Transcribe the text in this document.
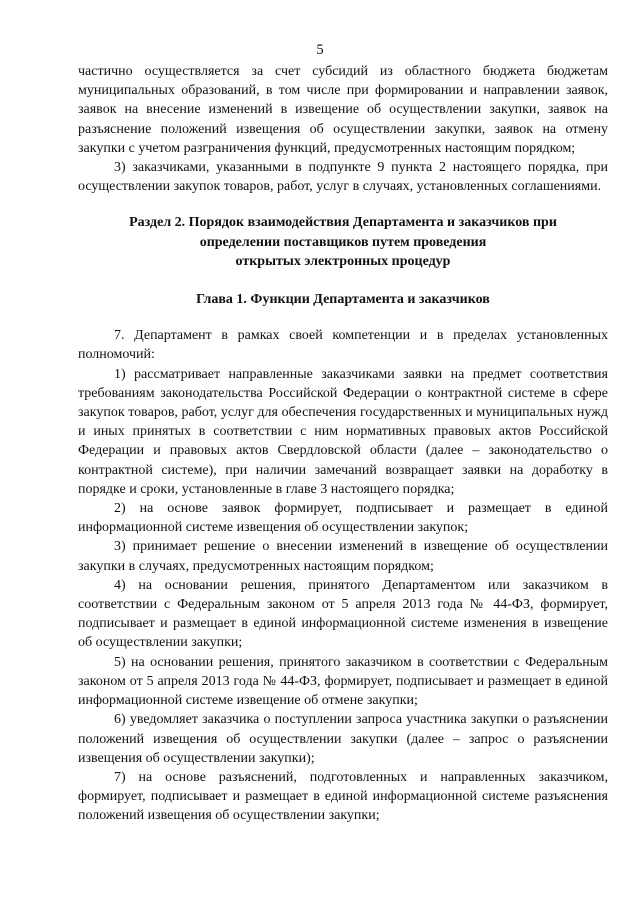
5

частично осуществляется за счет субсидий из областного бюджета бюджетам муниципальных образований, в том числе при формировании и направлении заявок, заявок на внесение изменений в извещение об осуществлении закупки, заявок на разъяснение положений извещения об осуществлении закупки, заявок на отмену закупки с учетом разграничения функций, предусмотренных настоящим порядком;

3) заказчиками, указанными в подпункте 9 пункта 2 настоящего порядка, при осуществлении закупок товаров, работ, услуг в случаях, установленных соглашениями.

Раздел 2. Порядок взаимодействия Департамента и заказчиков при
определении поставщиков путем проведения
открытых электронных процедур
Глава 1. Функции Департамента и заказчиков

7. Департамент в рамках своей компетенции и в пределах установленных полномочий:

1) рассматривает направленные заказчиками заявки на предмет соответствия требованиям законодательства Российской Федерации о контрактной системе в сфере закупок товаров, работ, услуг для обеспечения государственных и муниципальных нужд и иных принятых в соответствии с ним нормативных правовых актов Российской Федерации и правовых актов Свердловской области (далее – законодательство о контрактной системе), при наличии замечаний возвращает заявки на доработку в порядке и сроки, установленные в главе 3 настоящего порядка;

2) на основе заявок формирует, подписывает и размещает в единой информационной системе извещения об осуществлении закупок;

3) принимает решение о внесении изменений в извещение об осуществлении закупки в случаях, предусмотренных настоящим порядком;

4) на основании решения, принятого Департаментом или заказчиком в соответствии с Федеральным законом от 5 апреля 2013 года № 44-ФЗ, формирует, подписывает и размещает в единой информационной системе изменения в извещение об осуществлении закупки;

5) на основании решения, принятого заказчиком в соответствии с Федеральным законом от 5 апреля 2013 года № 44-ФЗ, формирует, подписывает и размещает в единой информационной системе извещение об отмене закупки;

6) уведомляет заказчика о поступлении запроса участника закупки о разъяснении положений извещения об осуществлении закупки (далее – запрос о разъяснении извещения об осуществлении закупки);

7) на основе разъяснений, подготовленных и направленных заказчиком, формирует, подписывает и размещает в единой информационной системе разъяснения положений извещения об осуществлении закупки;
